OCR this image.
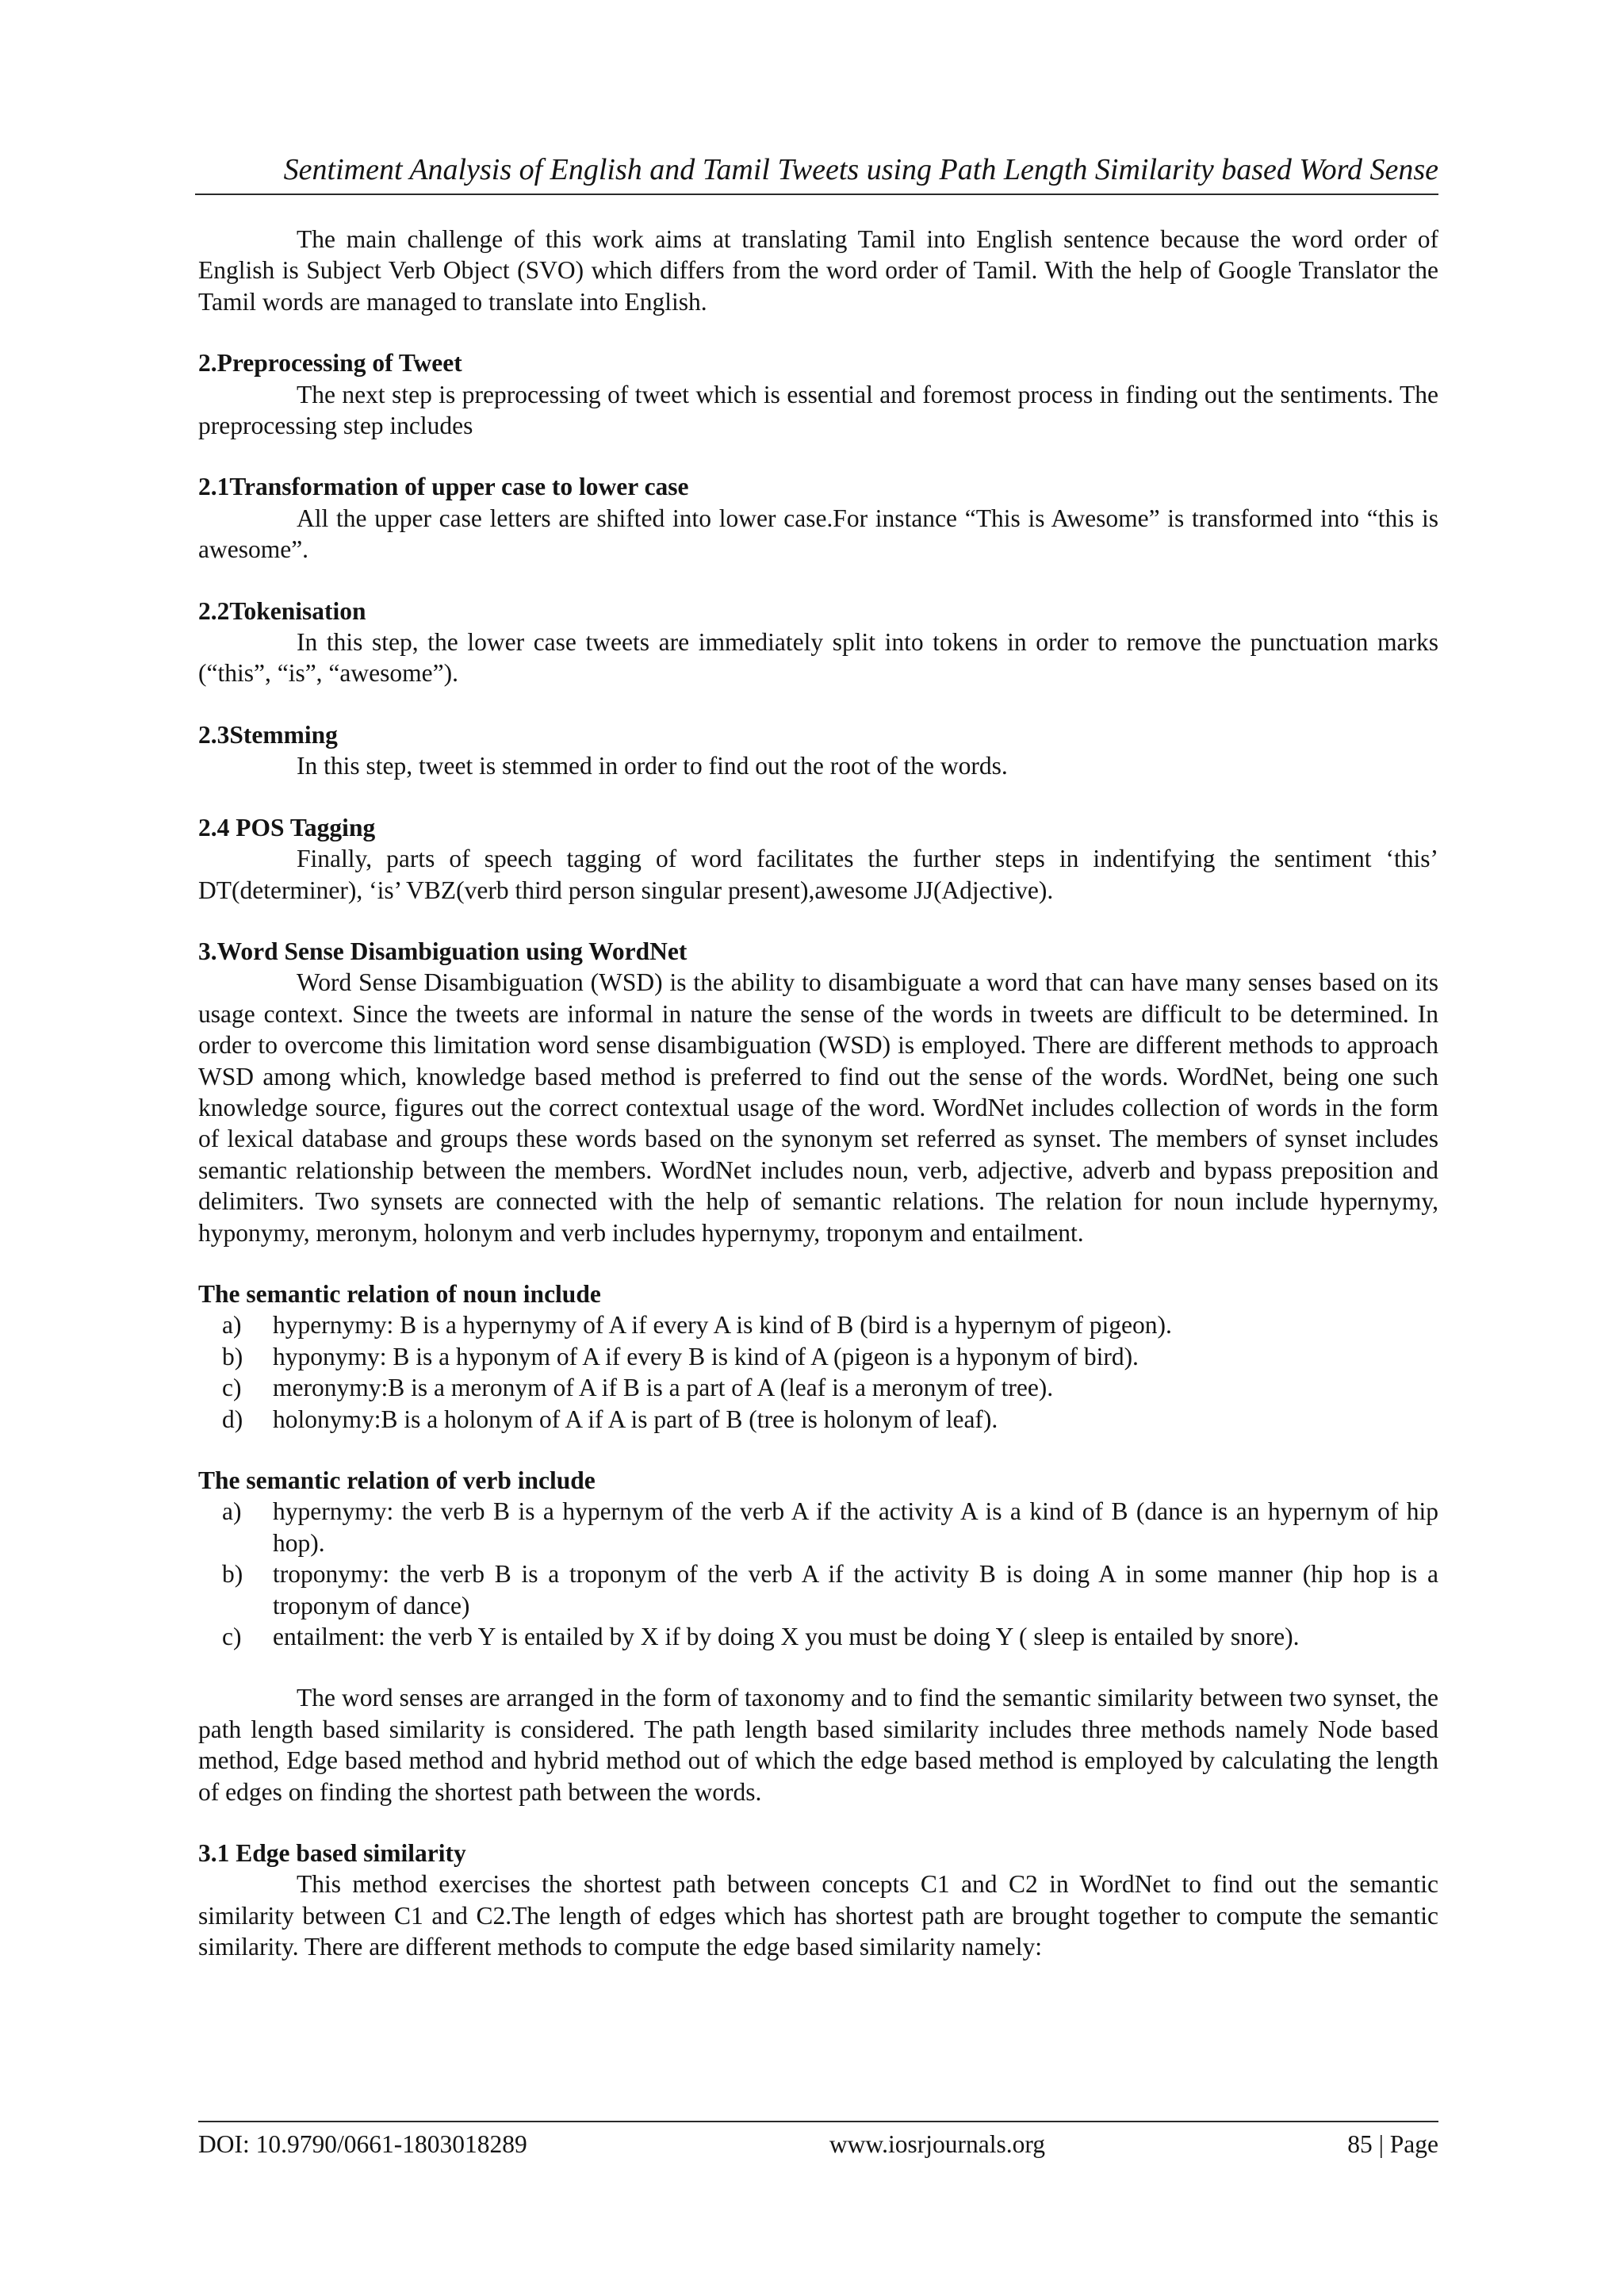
Sentiment Analysis of English and Tamil Tweets using Path Length Similarity based Word Sense

The main challenge of this work aims at translating Tamil into English sentence because the word order of English is Subject Verb Object (SVO) which differs from the word order of Tamil. With the help of Google Translator the Tamil words are managed to translate into English.

2.Preprocessing of Tweet

The next step is preprocessing of tweet which is essential and foremost process in finding out the sentiments. The preprocessing step includes

2.1Transformation of upper case to lower case

All the upper case letters are shifted into lower case.For instance “This is Awesome” is transformed into “this is awesome”.

2.2Tokenisation

In this step, the lower case tweets are immediately split into tokens in order to remove the punctuation marks (“this”, “is”, “awesome”).

2.3Stemming

In this step, tweet is stemmed in order to find out the root of the words.

2.4 POS Tagging

Finally, parts of speech tagging of word facilitates the further steps in indentifying the sentiment ‘this’ DT(determiner), ‘is’ VBZ(verb third person singular present),awesome JJ(Adjective).

3.Word Sense Disambiguation using WordNet

Word Sense Disambiguation (WSD) is the ability to disambiguate a word that can have many senses based on its usage context. Since the tweets are informal in nature the sense of the words in tweets are difficult to be determined. In order to overcome this limitation word sense disambiguation (WSD) is employed. There are different methods to approach WSD among which, knowledge based method is preferred to find out the sense of the words. WordNet, being one such knowledge source, figures out the correct contextual usage of the word. WordNet includes collection of words in the form of lexical database and groups these words based on the synonym set referred as synset. The members of synset includes semantic relationship between the members. WordNet includes noun, verb, adjective, adverb and bypass preposition and delimiters. Two synsets are connected with the help of semantic relations. The relation for noun include hypernymy, hyponymy, meronym, holonym and verb includes hypernymy, troponym and entailment.

The semantic relation of noun include

a) hypernymy: B is a hypernymy of A if every A is kind of B (bird is a hypernym of pigeon).
b) hyponymy: B is a hyponym of A if every B is kind of A (pigeon is a hyponym of bird).
c) meronymy:B is a meronym of A if B is a part of A (leaf is a meronym of tree).
d) holonymy:B is a holonym of A if A is part of B (tree is holonym of leaf).

The semantic relation of verb include

a) hypernymy: the verb B is a hypernym of the verb A if the activity A is a kind of B (dance is an hypernym of hip hop).
b) troponymy: the verb B is a troponym of the verb A if the activity B is doing A in some manner (hip hop is a troponym of dance)
c) entailment: the verb Y is entailed by X if by doing X you must be doing Y ( sleep is entailed by snore).

The word senses are arranged in the form of taxonomy and to find the semantic similarity between two synset, the path length based similarity is considered. The path length based similarity includes three methods namely Node based method, Edge based method and hybrid method out of which the edge based method is employed by calculating the length of edges on finding the shortest path between the words.

3.1 Edge based similarity

This method exercises the shortest path between concepts C1 and C2 in WordNet to find out the semantic similarity between C1 and C2.The length of edges which has shortest path are brought together to compute the semantic similarity. There are different methods to compute the edge based similarity namely:

DOI: 10.9790/0661-1803018289	www.iosrjournals.org	85 | Page
